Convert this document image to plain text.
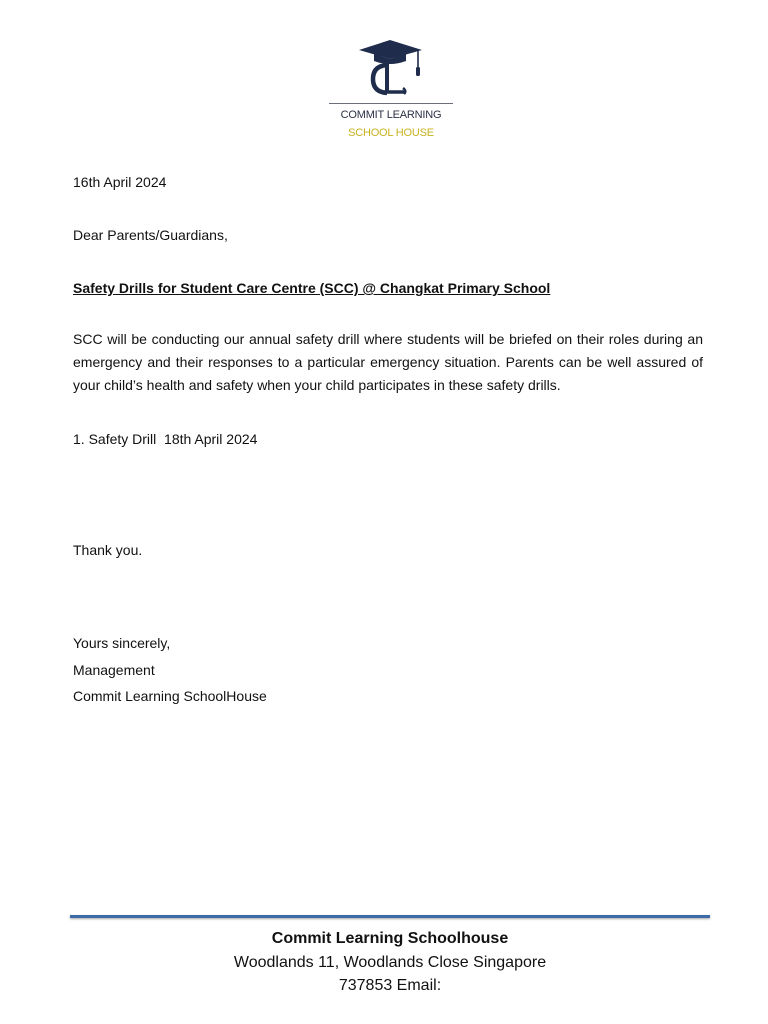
COMMIT LEARNING
SCHOOL HOUSE
16th April 2024
Dear Parents/Guardians,
Safety Drills for Student Care Centre (SCC) @ Changkat Primary School
SCC will be conducting our annual safety drill where students will be briefed on their roles during an emergency and their responses to a particular emergency situation. Parents can be well assured of your child’s health and safety when your child participates in these safety drills.
1. Safety Drill  18th April 2024
Thank you.
Yours sincerely,
Management
Commit Learning SchoolHouse
Commit Learning Schoolhouse
Woodlands 11, Woodlands Close Singapore
737853 Email:
